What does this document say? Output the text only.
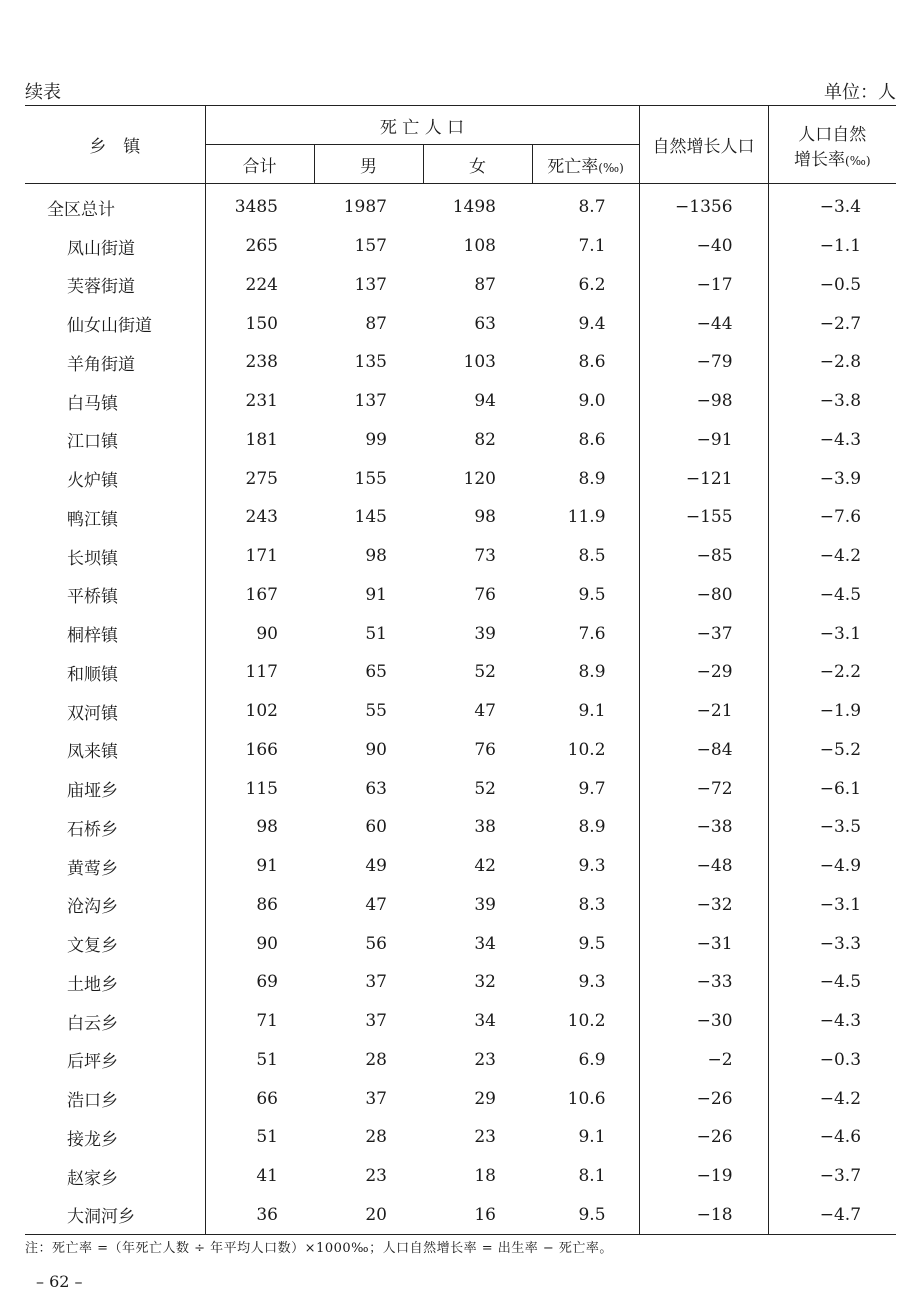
续表	单位：人
乡　镇	死 亡 人 口				自然增长人口	人口自然
增长率(‰)
	合计	男	女	死亡率(‰)		
全区总计	3485	1987	1498	8.7	−1356	−3.4
凤山街道	265	157	108	7.1	−40	−1.1
芙蓉街道	224	137	87	6.2	−17	−0.5
仙女山街道	150	87	63	9.4	−44	−2.7
羊角街道	238	135	103	8.6	−79	−2.8
白马镇	231	137	94	9.0	−98	−3.8
江口镇	181	99	82	8.6	−91	−4.3
火炉镇	275	155	120	8.9	−121	−3.9
鸭江镇	243	145	98	11.9	−155	−7.6
长坝镇	171	98	73	8.5	−85	−4.2
平桥镇	167	91	76	9.5	−80	−4.5
桐梓镇	90	51	39	7.6	−37	−3.1
和顺镇	117	65	52	8.9	−29	−2.2
双河镇	102	55	47	9.1	−21	−1.9
凤来镇	166	90	76	10.2	−84	−5.2
庙垭乡	115	63	52	9.7	−72	−6.1
石桥乡	98	60	38	8.9	−38	−3.5
黄莺乡	91	49	42	9.3	−48	−4.9
沧沟乡	86	47	39	8.3	−32	−3.1
文复乡	90	56	34	9.5	−31	−3.3
土地乡	69	37	32	9.3	−33	−4.5
白云乡	71	37	34	10.2	−30	−4.3
后坪乡	51	28	23	6.9	−2	−0.3
浩口乡	66	37	29	10.6	−26	−4.2
接龙乡	51	28	23	9.1	−26	−4.6
赵家乡	41	23	18	8.1	−19	−3.7
大洞河乡	36	20	16	9.5	−18	−4.7
注：死亡率 =（年死亡人数 ÷ 年平均人口数）×1000‰；人口自然增长率 = 出生率 − 死亡率。
– 62 –
